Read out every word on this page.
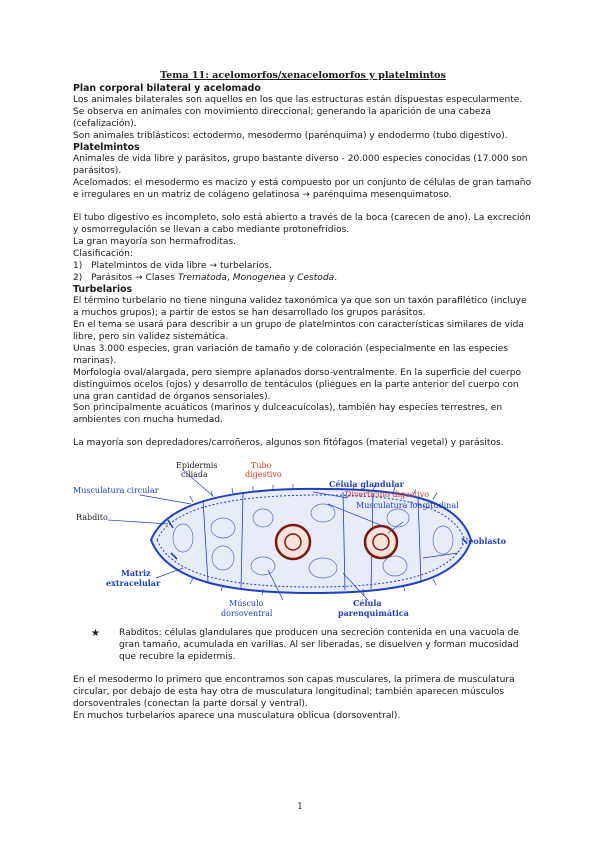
Tema 11: acelomorfos/xenacelomorfos y platelmintos
Plan corporal bilateral y acelomado

Los animales bilaterales son aquellos en los que las estructuras están dispuestas especularmente.

Se observa en animales con movimiento direccional; generando la aparición de una cabeza (cefalización).

Son animales triblásticos: ectodermo, mesodermo (parénquima) y endodermo (tubo digestivo).

Platelmintos

Animales de vida libre y parásitos, grupo bastante diverso - 20.000 especies conocidas (17.000 son parásitos).

Acelomados: el mesodermo es macizo y está compuesto por un conjunto de células de gran tamaño e irregulares en un matriz de colágeno gelatinosa → parénquima mesenquimatoso.

El tubo digestivo es incompleto, solo está abierto a través de la boca (carecen de ano). La excreción y osmorregulación se llevan a cabo mediante protonefridios.

La gran mayoría son hermafroditas.

Clasificación:

1) Platelmintos de vida libre → turbelarios.
2) Parásitos → Clases Trematoda, Monogenea y Cestoda.
Turbelarios

El término turbelario no tiene ninguna validez taxonómica ya que son un taxón parafilético (incluye a muchos grupos); a partir de estos se han desarrollado los grupos parásitos.

En el tema se usará para describir a un grupo de platelmintos con características similares de vida libre, pero sin validez sistemática.

Unas 3.000 especies, gran variación de tamaño y de coloración (especialmente en las especies marinas).

Morfología oval/alargada, pero siempre aplanados dorso-ventralmente. En la superficie del cuerpo distinguimos ocelos (ojos) y desarrollo de tentáculos (pliegues en la parte anterior del cuerpo con una gran cantidad de órganos sensoriales).

Son principalmente acuáticos (marinos y dulceacuícolas), también hay especies terrestres, en ambientes con mucha humedad.

La mayoría son depredadores/carroñeros, algunos son fitófagos (material vegetal) y parásitos.

Epidermis
ciliada
Tubo
digestivo
Musculatura circular
Célula glandular
Divertículo digestivo
Musculatura longitudinal
Rabdito
Neoblasto
Matriz
extracelular
Músculo
dorsoventral
Célula
parenquimática
★ Rabditos: células glandulares que producen una secreción contenida en una vacuola de gran tamaño, acumulada en varillas. Al ser liberadas, se disuelven y forman mucosidad que recubre la epidermis.

En el mesodermo lo primero que encontramos son capas musculares, la primera de musculatura circular, por debajo de esta hay otra de musculatura longitudinal; también aparecen músculos dorsoventrales (conectan la parte dorsal y ventral).

En muchos turbelarios aparece una musculatura oblicua (dorsoventral).

1
